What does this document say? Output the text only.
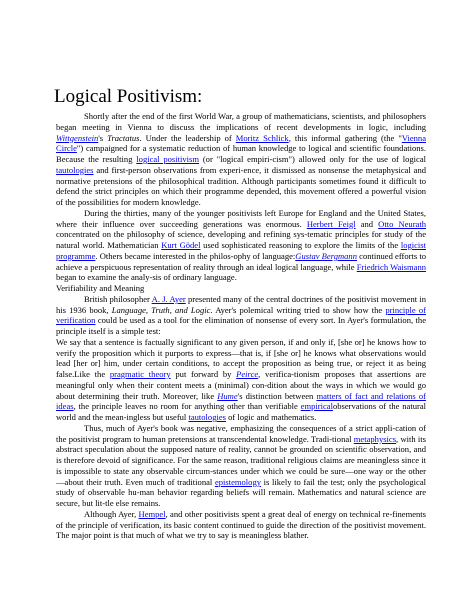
Logical Positivism:

Shortly after the end of the first World War, a group of mathematicians, scientists, and philosophers began meeting in Vienna to discuss the implications of recent developments in logic, including Wittgenstein's Tractatus. Under the leadership of Moritz Schlick, this informal gathering (the "Vienna Circle") campaigned for a systematic reduction of human knowledge to logical and scientific foundations. Because the resulting logical positivism (or "logical empiri-cism") allowed only for the use of logical tautologies and first-person observations from experi-ence, it dismissed as nonsense the metaphysical and normative pretensions of the philosophical tradition. Although participants sometimes found it difficult to defend the strict principles on which their programme depended, this movement offered a powerful vision of the possibilities for modern knowledge.

During the thirties, many of the younger positivists left Europe for England and the United States, where their influence over succeeding generations was enormous. Herbert Feigl and Otto Neurath concentrated on the philosophy of science, developing and refining sys-tematic principles for study of the natural world. Mathematician Kurt Gödel used sophisticated reasoning to explore the limits of the logicist programme. Others became interested in the philos-ophy of language:Gustav Bergmann continued efforts to achieve a perspicuous representation of reality through an ideal logical language, while Friedrich Waismann began to examine the analy-sis of ordinary language.

Verifiability and Meaning

British philosopher A. J. Ayer presented many of the central doctrines of the positivist movement in his 1936 book, Language, Truth, and Logic. Ayer's polemical writing tried to show how the principle of verification could be used as a tool for the elimination of nonsense of every sort. In Ayer's formulation, the principle itself is a simple test:

We say that a sentence is factually significant to any given person, if and only if, [she or] he knows how to verify the proposition which it purports to express—that is, if [she or] he knows what observations would lead [her or] him, under certain conditions, to accept the proposition as being true, or reject it as being false.Like the pragmatic theory put forward by Peirce, verifica-tionism proposes that assertions are meaningful only when their content meets a (minimal) con-dition about the ways in which we would go about determining their truth. Moreover, like Hume's distinction between matters of fact and relations of ideas, the principle leaves no room for anything other than verifiable empiricalobservations of the natural world and the mean-ingless but useful tautologies of logic and mathematics.

Thus, much of Ayer's book was negative, emphasizing the consequences of a strict appli-cation of the positivist program to human pretensions at transcendental knowledge. Tradi-tional metaphysics, with its abstract speculation about the supposed nature of reality, cannot be grounded on scientific observation, and is therefore devoid of significance. For the same reason, traditional religious claims are meaningless since it is impossible to state any observable circum-stances under which we could be sure—one way or the other—about their truth. Even much of traditional epistemology is likely to fail the test; only the psychological study of observable hu-man behavior regarding beliefs will remain. Mathematics and natural science are secure, but lit-tle else remains.

Although Ayer, Hempel, and other positivists spent a great deal of energy on technical re-finements of the principle of verification, its basic content continued to guide the direction of the positivist movement. The major point is that much of what we try to say is meaningless blather.
